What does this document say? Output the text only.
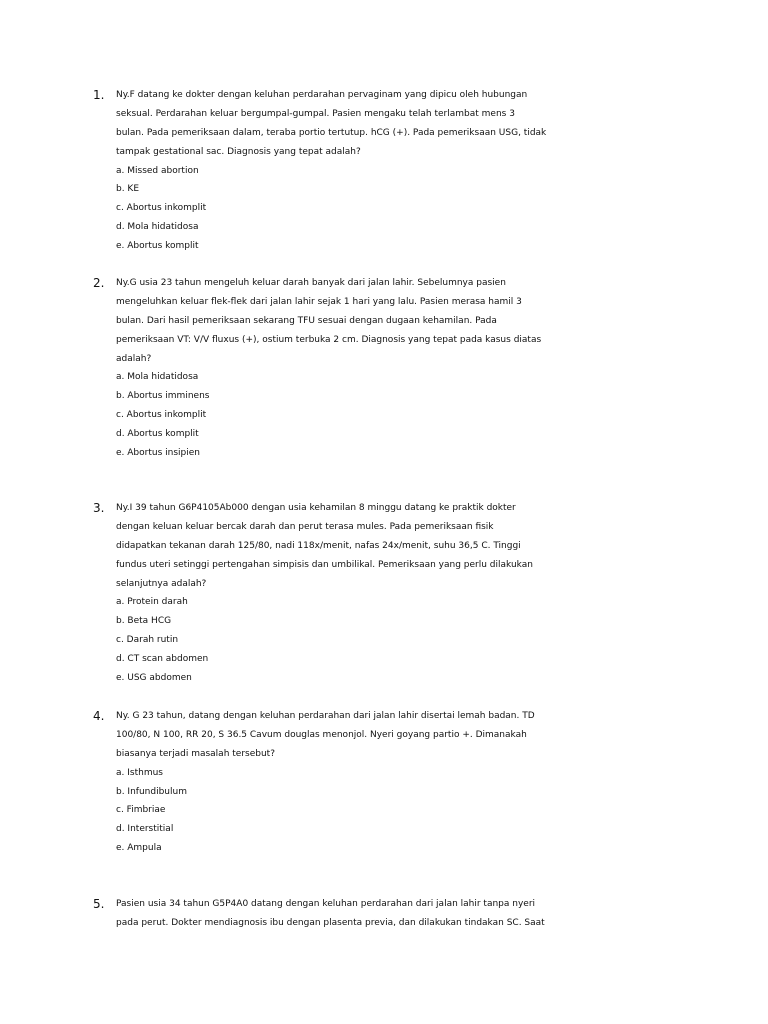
1. Ny.F datang ke dokter dengan keluhan perdarahan pervaginam yang dipicu oleh hubungan
seksual. Perdarahan keluar bergumpal-gumpal. Pasien mengaku telah terlambat mens 3
bulan. Pada pemeriksaan dalam, teraba portio tertutup. hCG (+). Pada pemeriksaan USG, tidak
tampak gestational sac. Diagnosis yang tepat adalah?
a. Missed abortion
b. KE
c. Abortus inkomplit
d. Mola hidatidosa
e. Abortus komplit
2. Ny.G usia 23 tahun mengeluh keluar darah banyak dari jalan lahir. Sebelumnya pasien
mengeluhkan keluar flek-flek dari jalan lahir sejak 1 hari yang lalu. Pasien merasa hamil 3
bulan. Dari hasil pemeriksaan sekarang TFU sesuai dengan dugaan kehamilan. Pada
pemeriksaan VT: V/V fluxus (+), ostium terbuka 2 cm. Diagnosis yang tepat pada kasus diatas
adalah?
a. Mola hidatidosa
b. Abortus imminens
c. Abortus inkomplit
d. Abortus komplit
e. Abortus insipien
3. Ny.I 39 tahun G6P4105Ab000 dengan usia kehamilan 8 minggu datang ke praktik dokter
dengan keluan keluar bercak darah dan perut terasa mules. Pada pemeriksaan fisik
didapatkan tekanan darah 125/80, nadi 118x/menit, nafas 24x/menit, suhu 36,5 C. Tinggi
fundus uteri setinggi pertengahan simpisis dan umbilikal. Pemeriksaan yang perlu dilakukan
selanjutnya adalah?
a. Protein darah
b. Beta HCG
c. Darah rutin
d. CT scan abdomen
e. USG abdomen
4. Ny. G 23 tahun, datang dengan keluhan perdarahan dari jalan lahir disertai lemah badan. TD
100/80, N 100, RR 20, S 36.5 Cavum douglas menonjol. Nyeri goyang partio +. Dimanakah
biasanya terjadi masalah tersebut?
a. Isthmus
b. Infundibulum
c. Fimbriae
d. Interstitial
e. Ampula
5. Pasien usia 34 tahun G5P4A0 datang dengan keluhan perdarahan dari jalan lahir tanpa nyeri
pada perut. Dokter mendiagnosis ibu dengan plasenta previa, dan dilakukan tindakan SC. Saat
